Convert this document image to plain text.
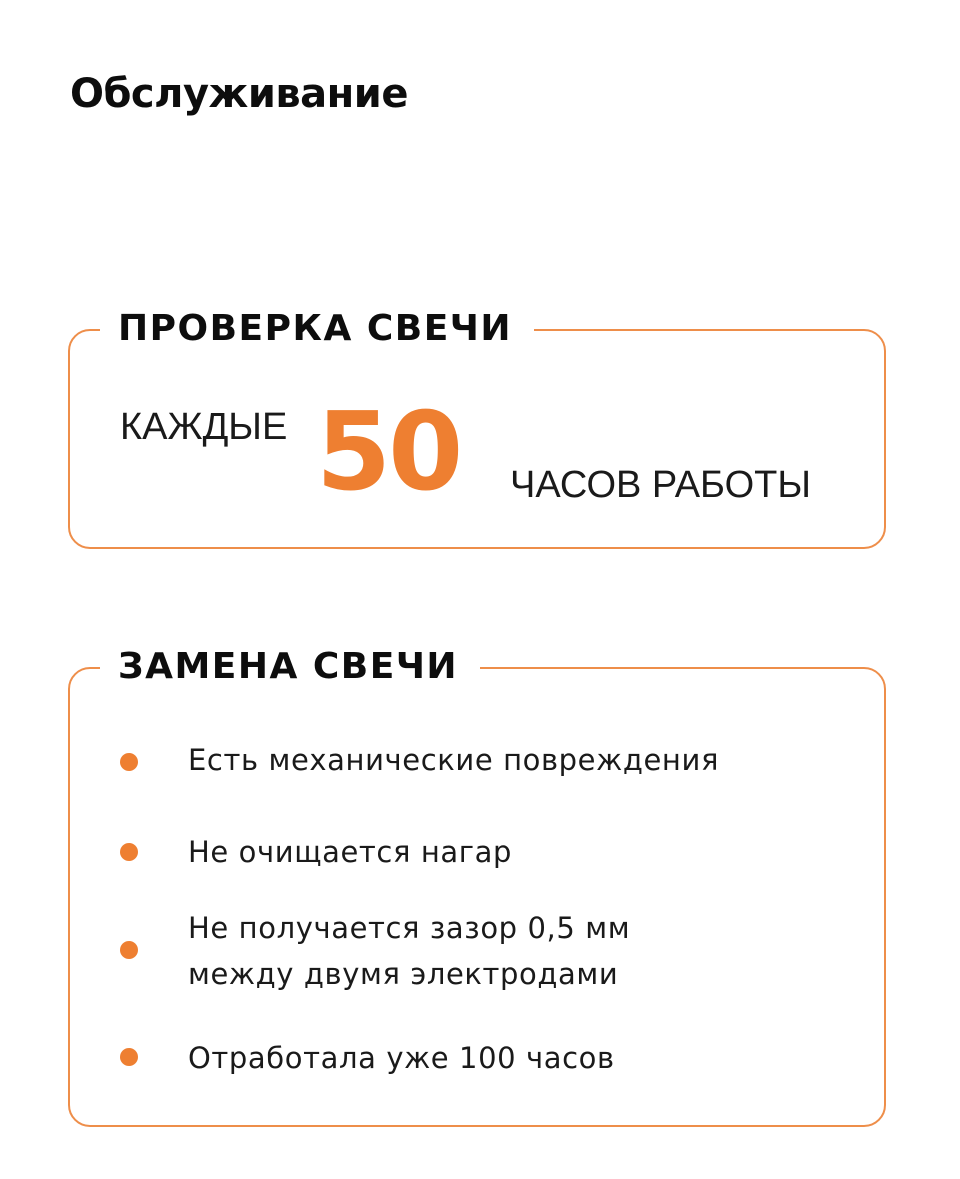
Обслуживание
ПРОВЕРКА СВЕЧИ
КАЖДЫЕ 50 ЧАСОВ РАБОТЫ
ЗАМЕНА СВЕЧИ

Есть механические повреждения

Не очищается нагар

Не получается зазор 0,5 мм

между двумя электродами

Отработала уже 100 часов
